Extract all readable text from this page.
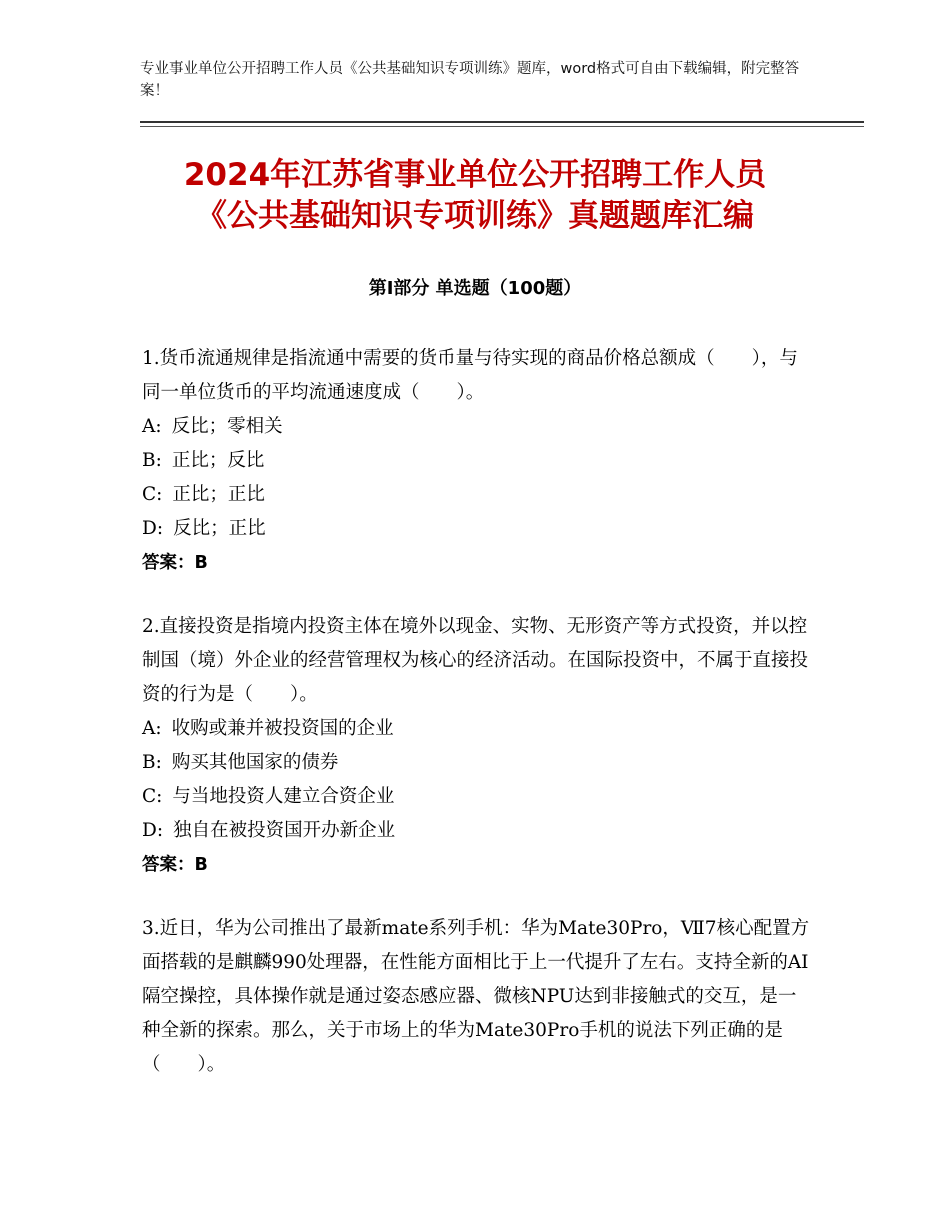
专业事业单位公开招聘工作人员《公共基础知识专项训练》题库，word格式可自由下载编辑，附完整答案！
2024年江苏省事业单位公开招聘工作人员
《公共基础知识专项训练》真题题库汇编
第Ⅰ部分 单选题（100题）

1.货币流通规律是指流通中需要的货币量与待实现的商品价格总额成（　　），与同一单位货币的平均流通速度成（　　）。

A: 反比；零相关

B: 正比；反比

C: 正比；正比

D: 反比；正比

答案：B

2.直接投资是指境内投资主体在境外以现金、实物、无形资产等方式投资，并以控制国（境）外企业的经营管理权为核心的经济活动。在国际投资中，不属于直接投资的行为是（　　）。

A: 收购或兼并被投资国的企业

B: 购买其他国家的债券

C: 与当地投资人建立合资企业

D: 独自在被投资国开办新企业

答案：B

3.近日，华为公司推出了最新mate系列手机：华为Mate30Pro，Ⅶ7核心配置方面搭载的是麒麟990处理器，在性能方面相比于上一代提升了左右。支持全新的AI隔空操控，具体操作就是通过姿态感应器、微核NPU达到非接触式的交互，是一种全新的探索。那么，关于市场上的华为Mate30Pro手机的说法下列正确的是（　　）。
